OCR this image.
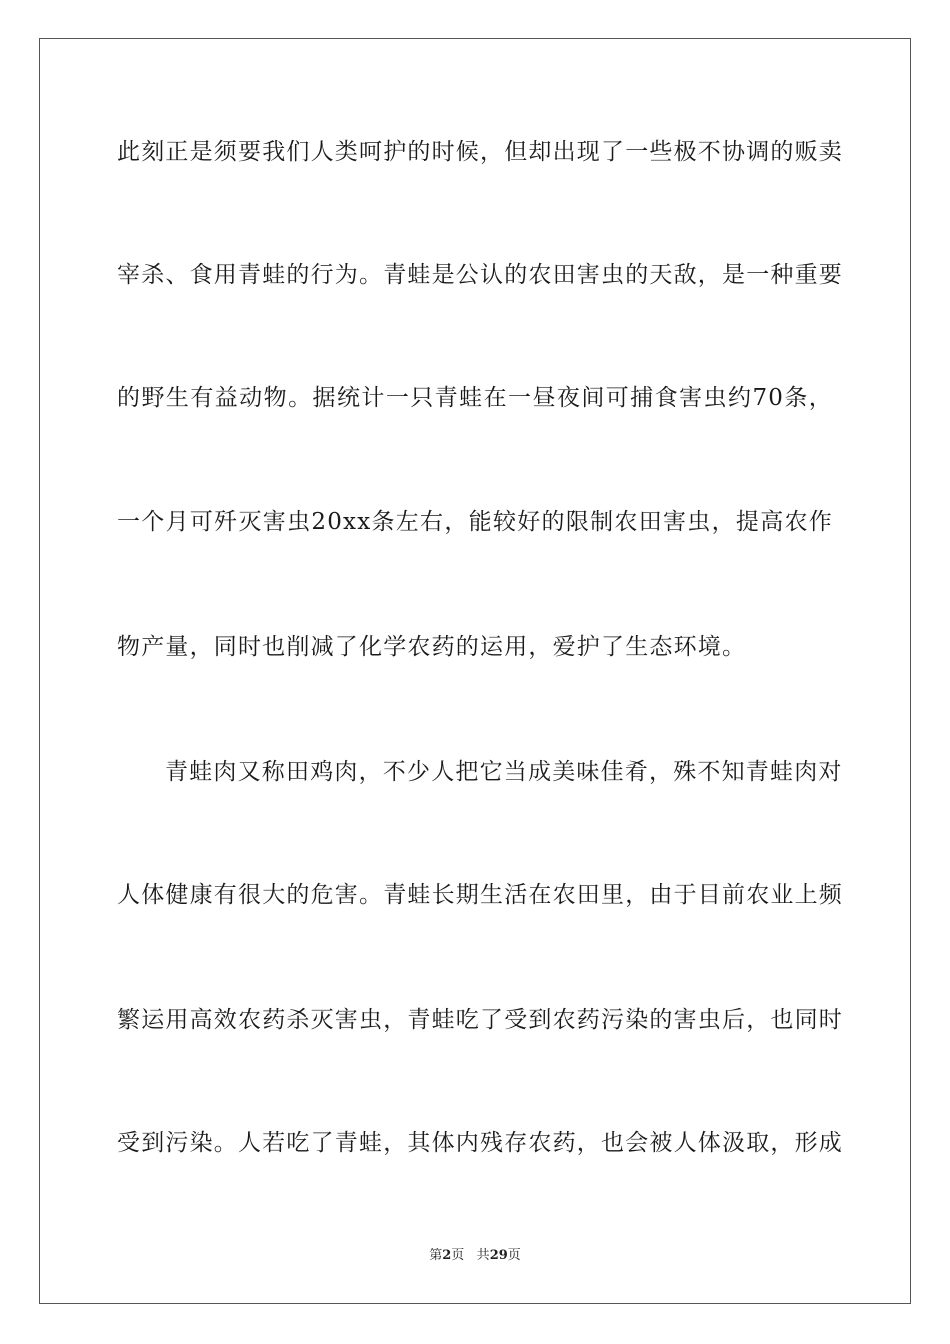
此刻正是须要我们人类呵护的时候，但却出现了一些极不协调的贩卖
宰杀、食用青蛙的行为。青蛙是公认的农田害虫的天敌，是一种重要
的野生有益动物。据统计一只青蛙在一昼夜间可捕食害虫约70条，
一个月可歼灭害虫20xx条左右，能较好的限制农田害虫，提高农作
物产量，同时也削减了化学农药的运用，爱护了生态环境。
青蛙肉又称田鸡肉，不少人把它当成美味佳肴，殊不知青蛙肉对
人体健康有很大的危害。青蛙长期生活在农田里，由于目前农业上频
繁运用高效农药杀灭害虫，青蛙吃了受到农药污染的害虫后，也同时
受到污染。人若吃了青蛙，其体内残存农药，也会被人体汲取，形成
第2页 共29页
